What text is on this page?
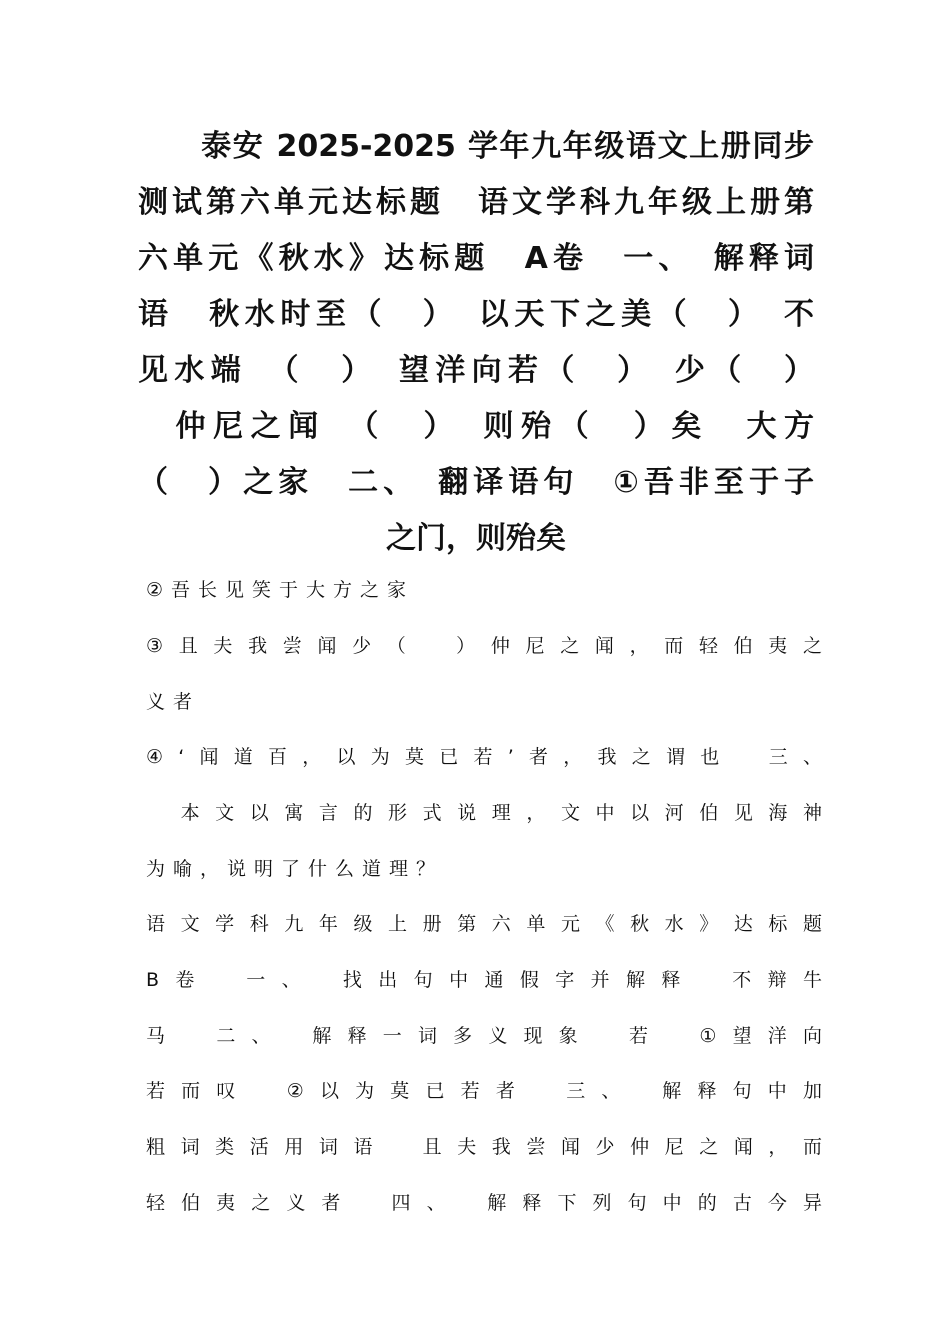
　　泰安 2025-2025 学年九年级语文上册同步
测试第六单元达标题　语文学科九年级上册第
六单元《秋水》达标题　A卷　一、　解释词
语　秋水时至（　）　以天下之美（　）　不
见水端　（　）　望洋向若（　）　少（　）
　仲尼之闻　（　）　则殆（　）矣　大方　
（　）之家　二、　翻译语句　①吾非至于子
之门，则殆矣
②吾长见笑于大方之家
③且夫我尝闻少（　）仲尼之闻，而轻伯夷之
义者
④‘闻道百，以为莫已若’者，我之谓也　三、
　本文以寓言的形式说理，文中以河伯见海神
为喻，说明了什么道理？
语文学科九年级上册第六单元《秋水》达标题
B卷　一、　找出句中通假字并解释　不辩牛
马　二、　解释一词多义现象　若　①望洋向
若而叹　②以为莫已若者　三、　解释句中加
粗词类活用词语　且夫我尝闻少仲尼之闻，而
轻伯夷之义者　四、　解释下列句中的古今异
